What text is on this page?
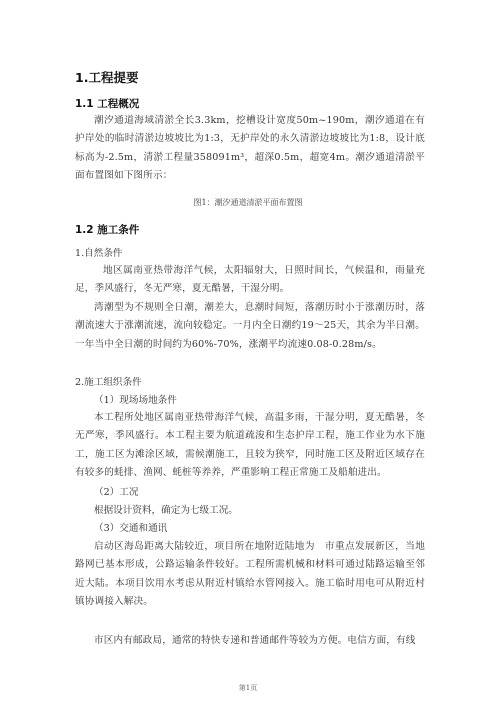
1.工程提要
1.1 工程概况
潮汐通道海域清淤全长3.3km，挖槽设计宽度50m~190m，潮汐通道在有护岸处的临时清淤边坡坡比为1:3，无护岸处的永久清淤边坡坡比为1:8，设计底标高为-2.5m，清淤工程量358091m³，超深0.5m，超宽4m。潮汐通道清淤平面布置图如下图所示：
图1：潮汐通道清淤平面布置图
1.2 施工条件
1.自然条件
地区属南亚热带海洋气候，太阳辐射大，日照时间长，气候温和，雨量充足，季风盛行，冬无严寒，夏无酷暑，干湿分明。
湾潮型为不规则全日潮，潮差大，息潮时间短，落潮历时小于涨潮历时，落潮流速大于涨潮流速，流向较稳定。一月内全日潮约19～25天，其余为半日潮。一年当中全日潮的时间约为60%-70%，涨潮平均流速0.08-0.28m/s。
2.施工组织条件
（1）现场场地条件
本工程所处地区属南亚热带海洋气候，高温多雨，干湿分明，夏无酷暑，冬无严寒，季风盛行。本工程主要为航道疏浚和生态护岸工程，施工作业为水下施工，施工区为滩涂区域，需候潮施工，且较为狭窄，同时施工区及附近区域存在有较多的蚝排、渔网、蚝桩等养养，严重影响工程正常施工及船舶进出。
（2）工况
根据设计资料，确定为七级工况。
（3）交通和通讯
启动区海岛距离大陆较近，项目所在地附近陆地为　市重点发展新区，当地路网已基本形成，公路运输条件较好。工程所需机械和材料可通过陆路运输至邻近大陆。本项目饮用水考虑从附近村镇给水管网接入。施工临时用电可从附近村镇协调接入解决。
市区内有邮政局，通常的特快专递和普通邮件等较为方便。电信方面，有线
第1页
